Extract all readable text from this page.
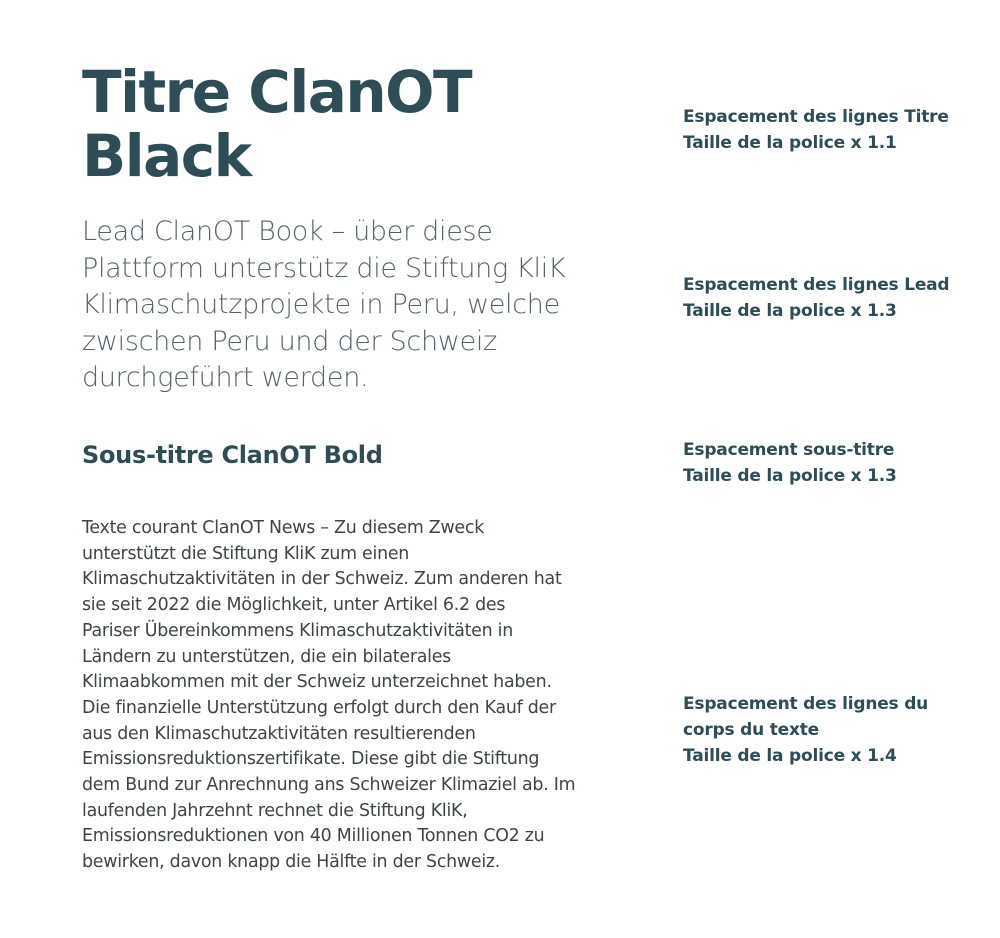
Titre ClanOT
Black

Lead ClanOT Book – über diese
Plattform unterstütz die Stiftung KliK
Klimaschutzprojekte in Peru, welche
zwischen Peru und der Schweiz
durchgeführt werden.

Sous-titre ClanOT Bold

Texte courant ClanOT News – Zu diesem Zweck
unterstützt die Stiftung KliK zum einen
Klimaschutzaktivitäten in der Schweiz. Zum anderen hat
sie seit 2022 die Möglichkeit, unter Artikel 6.2 des
Pariser Übereinkommens Klimaschutzaktivitäten in
Ländern zu unterstützen, die ein bilaterales
Klimaabkommen mit der Schweiz unterzeichnet haben.
Die finanzielle Unterstützung erfolgt durch den Kauf der
aus den Klimaschutzaktivitäten resultierenden
Emissionsreduktionszertifikate. Diese gibt die Stiftung
dem Bund zur Anrechnung ans Schweizer Klimaziel ab. Im
laufenden Jahrzehnt rechnet die Stiftung KliK,
Emissionsreduktionen von 40 Millionen Tonnen CO2 zu
bewirken, davon knapp die Hälfte in der Schweiz.

Espacement des lignes Titre
Taille de la police x 1.1
Espacement des lignes Lead
Taille de la police x 1.3
Espacement sous-titre
Taille de la police x 1.3
Espacement des lignes du
corps du texte
Taille de la police x 1.4
